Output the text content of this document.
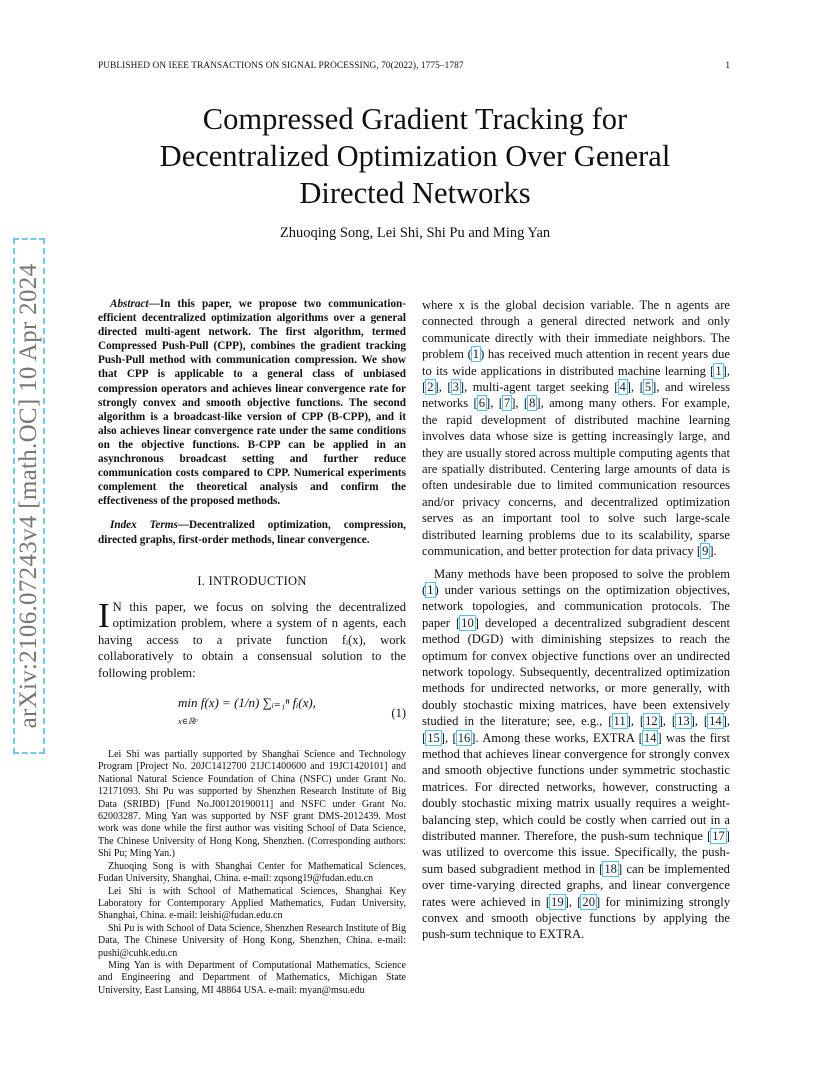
PUBLISHED ON IEEE TRANSACTIONS ON SIGNAL PROCESSING, 70(2022), 1775–1787	1
arXiv:2106.07243v4 [math.OC] 10 Apr 2024
Compressed Gradient Tracking for Decentralized Optimization Over General Directed Networks
Zhuoqing Song, Lei Shi, Shi Pu and Ming Yan

Abstract—In this paper, we propose two communication-efficient decentralized optimization algorithms over a general directed multi-agent network. The first algorithm, termed Compressed Push-Pull (CPP), combines the gradient tracking Push-Pull method with communication compression. We show that CPP is applicable to a general class of unbiased compression operators and achieves linear convergence rate for strongly convex and smooth objective functions. The second algorithm is a broadcast-like version of CPP (B-CPP), and it also achieves linear convergence rate under the same conditions on the objective functions. B-CPP can be applied in an asynchronous broadcast setting and further reduce communication costs compared to CPP. Numerical experiments complement the theoretical analysis and confirm the effectiveness of the proposed methods.

Index Terms—Decentralized optimization, compression, directed graphs, first-order methods, linear convergence.

I. INTRODUCTION

I N this paper, we focus on solving the decentralized optimization problem, where a system of n agents, each having access to a private function fᵢ(x), work collaboratively to obtain a consensual solution to the following problem:

min f(x) = (1/n) ∑ᵢ₌₁ⁿ fᵢ(x),
x∈ℝᵖ
(1)

Lei Shi was partially supported by Shanghai Science and Technology Program [Project No. 20JC1412700 21JC1400600 and 19JC1420101] and National Natural Science Foundation of China (NSFC) under Grant No. 12171093. Shi Pu was supported by Shenzhen Research Institute of Big Data (SRIBD) [Fund No.J00120190011] and NSFC under Grant No. 62003287. Ming Yan was supported by NSF grant DMS-2012439. Most work was done while the first author was visiting School of Data Science, The Chinese University of Hong Kong, Shenzhen. (Corresponding authors: Shi Pu; Ming Yan.)

Zhuoqing Song is with Shanghai Center for Mathematical Sciences, Fudan University, Shanghai, China. e-mail: zqsong19@fudan.edu.cn

Lei Shi is with School of Mathematical Sciences, Shanghai Key Laboratory for Contemporary Applied Mathematics, Fudan University, Shanghai, China. e-mail: leishi@fudan.edu.cn

Shi Pu is with School of Data Science, Shenzhen Research Institute of Big Data, The Chinese University of Hong Kong, Shenzhen, China. e-mail: pushi@cuhk.edu.cn

Ming Yan is with Department of Computational Mathematics, Science and Engineering and Department of Mathematics, Michigan State University, East Lansing, MI 48864 USA. e-mail: myan@msu.edu

where x is the global decision variable. The n agents are connected through a general directed network and only communicate directly with their immediate neighbors. The problem (1) has received much attention in recent years due to its wide applications in distributed machine learning [1], [2], [3], multi-agent target seeking [4], [5], and wireless networks [6], [7], [8], among many others. For example, the rapid development of distributed machine learning involves data whose size is getting increasingly large, and they are usually stored across multiple computing agents that are spatially distributed. Centering large amounts of data is often undesirable due to limited communication resources and/or privacy concerns, and decentralized optimization serves as an important tool to solve such large-scale distributed learning problems due to its scalability, sparse communication, and better protection for data privacy [9].

Many methods have been proposed to solve the problem (1) under various settings on the optimization objectives, network topologies, and communication protocols. The paper [10] developed a decentralized subgradient descent method (DGD) with diminishing stepsizes to reach the optimum for convex objective functions over an undirected network topology. Subsequently, decentralized optimization methods for undirected networks, or more generally, with doubly stochastic mixing matrices, have been extensively studied in the literature; see, e.g., [11], [12], [13], [14], [15], [16]. Among these works, EXTRA [14] was the first method that achieves linear convergence for strongly convex and smooth objective functions under symmetric stochastic matrices. For directed networks, however, constructing a doubly stochastic mixing matrix usually requires a weight-balancing step, which could be costly when carried out in a distributed manner. Therefore, the push-sum technique [17] was utilized to overcome this issue. Specifically, the push-sum based subgradient method in [18] can be implemented over time-varying directed graphs, and linear convergence rates were achieved in [19], [20] for minimizing strongly convex and smooth objective functions by applying the push-sum technique to EXTRA.
